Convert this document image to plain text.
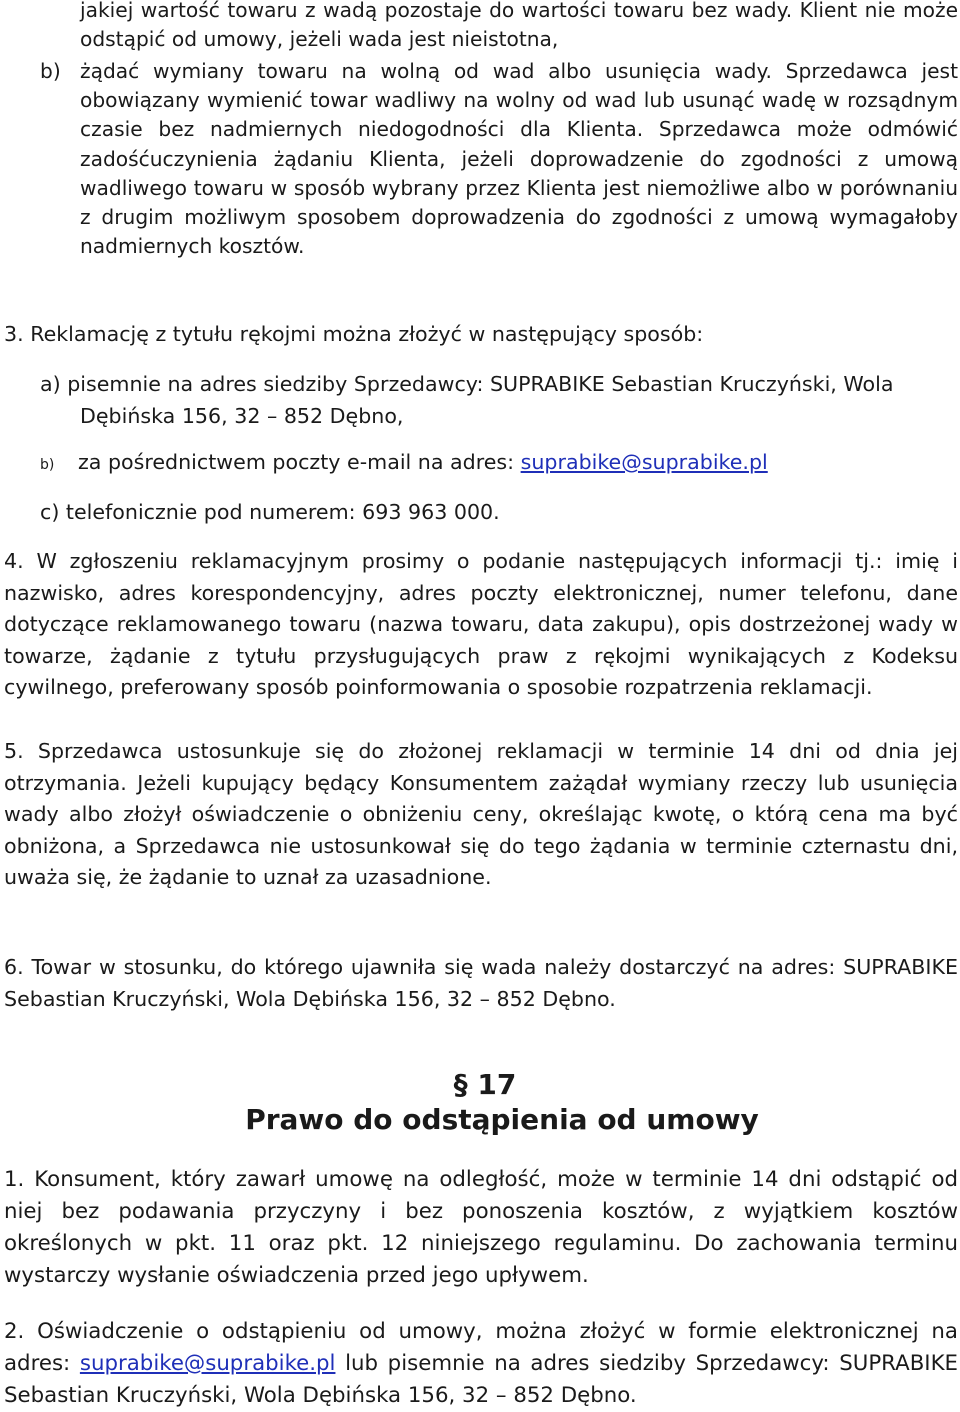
jakiej wartość towaru z wadą pozostaje do wartości towaru bez wady. Klient nie może odstąpić od umowy, jeżeli wada jest nieistotna,
b) żądać wymiany towaru na wolną od wad albo usunięcia wady. Sprzedawca jest obowiązany wymienić towar wadliwy na wolny od wad lub usunąć wadę w rozsądnym czasie bez nadmiernych niedogodności dla Klienta. Sprzedawca może odmówić zadośćuczynienia żądaniu Klienta, jeżeli doprowadzenie do zgodności z umową wadliwego towaru w sposób wybrany przez Klienta jest niemożliwe albo w porównaniu z drugim możliwym sposobem doprowadzenia do zgodności z umową wymagałoby nadmiernych kosztów.
3. Reklamację z tytułu rękojmi można złożyć w następujący sposób:
a) pisemnie na adres siedziby Sprzedawcy: SUPRABIKE Sebastian Kruczyński, Wola Dębińska 156, 32 – 852 Dębno,
b) za pośrednictwem poczty e-mail na adres: suprabike@suprabike.pl
c) telefonicznie pod numerem: 693 963 000.
4. W zgłoszeniu reklamacyjnym prosimy o podanie następujących informacji tj.: imię i nazwisko, adres korespondencyjny, adres poczty elektronicznej, numer telefonu, dane dotyczące reklamowanego towaru (nazwa towaru, data zakupu), opis dostrzeżonej wady w towarze, żądanie z tytułu przysługujących praw z rękojmi wynikających z Kodeksu cywilnego, preferowany sposób poinformowania o sposobie rozpatrzenia reklamacji.
5. Sprzedawca ustosunkuje się do złożonej reklamacji w terminie 14 dni od dnia jej otrzymania. Jeżeli kupujący będący Konsumentem zażądał wymiany rzeczy lub usunięcia wady albo złożył oświadczenie o obniżeniu ceny, określając kwotę, o którą cena ma być obniżona, a Sprzedawca nie ustosunkował się do tego żądania w terminie czternastu dni, uważa się, że żądanie to uznał za uzasadnione.
6. Towar w stosunku, do którego ujawniła się wada należy dostarczyć na adres: SUPRABIKE Sebastian Kruczyński, Wola Dębińska 156, 32 – 852 Dębno.
§ 17
Prawo do odstąpienia od umowy
1. Konsument, który zawarł umowę na odległość, może w terminie 14 dni odstąpić od niej bez podawania przyczyny i bez ponoszenia kosztów, z wyjątkiem kosztów określonych w pkt. 11 oraz pkt. 12 niniejszego regulaminu. Do zachowania terminu wystarczy wysłanie oświadczenia przed jego upływem.
2. Oświadczenie o odstąpieniu od umowy, można złożyć w formie elektronicznej na adres: suprabike@suprabike.pl lub pisemnie na adres siedziby Sprzedawcy: SUPRABIKE Sebastian Kruczyński, Wola Dębińska 156, 32 – 852 Dębno.
